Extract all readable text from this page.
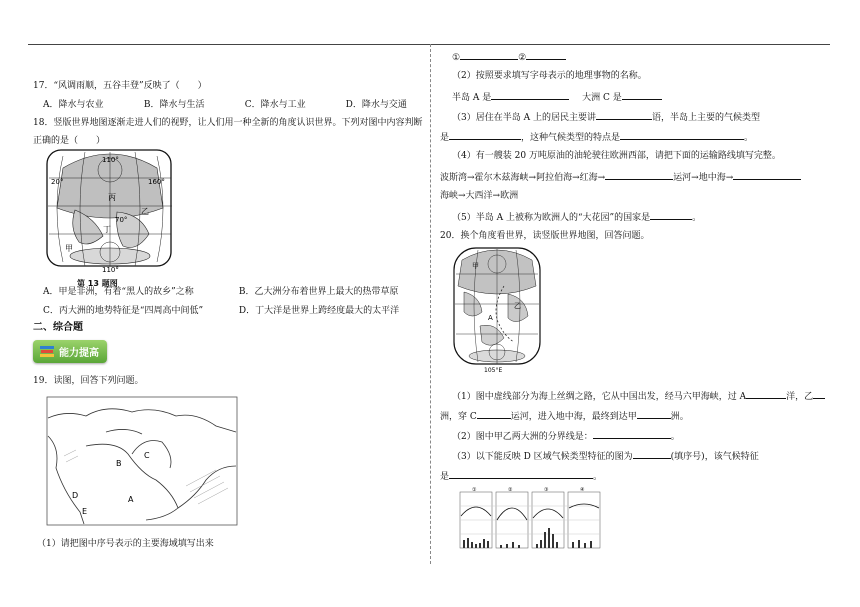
17．“风调雨顺，五谷丰登”反映了（　　）
A．降水与农业	B．降水与生活	C．降水与工业	D．降水与交通
18．竖版世界地图逐渐走进人们的视野，让人们用一种全新的角度认识世界。下列对图中内容判断
正确的是（　　）
110°
20°	160°
丙
乙
70°
丁
甲
110°
第 13 题图
A．甲是非洲，有着“黑人的故乡”之称	B．乙大洲分布着世界上最大的热带草原
C．丙大洲的地势特征是“四周高中间低”	D．丁大洋是世界上跨经度最大的太平洋
二、综合题
能力提高
19．读图，回答下列问题。
B
A
C
D
E
（1）请把图中序号表示的主要海域填写出来
①	②
（2）按照要求填写字母表示的地理事物的名称。
半岛 A 是	大洲 C 是
（3）居住在半岛 A 上的居民主要讲	语，半岛上主要的气候类型
是	，这种气候类型的特点是	。
（4）有一艘装 20 万吨原油的油轮驶往欧洲西部，请把下面的运输路线填写完整。
波斯湾→霍尔木兹海峡→阿拉伯海→红海→	运河→地中海→
海峡→大西洋→欧洲
（5）半岛 A 上被称为欧洲人的“大花园”的国家是	。
20．换个角度看世界，读竖版世界地图，回答问题。
甲
乙
A
105°E
（1）图中虚线部分为海上丝绸之路，它从中国出发，经马六甲海峡，过 A	洋，乙
洲，穿 C	运河，进入地中海，最终到达甲	洲。
（2）图中甲乙两大洲的分界线是：	。
（3）以下能反映 D 区域气候类型特征的图为	(填序号)，该气候特征
是	。
①	②	③	④
